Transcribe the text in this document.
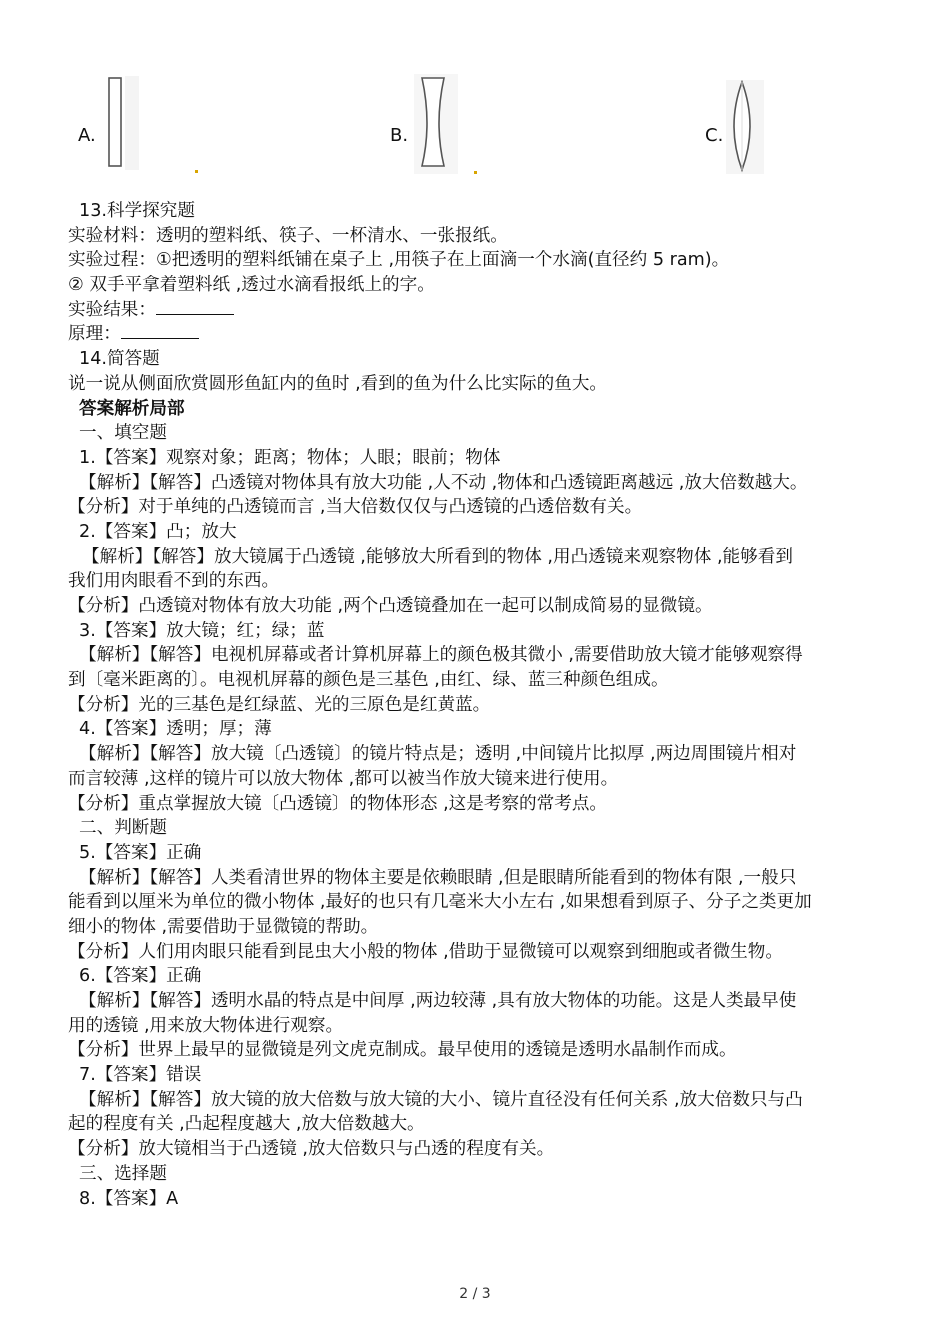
A.	B.	C.
13.科学探究题
实验材料：透明的塑料纸、筷子、一杯清水、一张报纸。
实验过程：①把透明的塑料纸铺在桌子上 ,用筷子在上面滴一个水滴(直径约 5 ram)。
② 双手平拿着塑料纸 ,透过水滴看报纸上的字。
实验结果：
原理：
14.简答题
说一说从侧面欣赏圆形鱼缸内的鱼时 ,看到的鱼为什么比实际的鱼大。
答案解析局部
一、填空题
1.【答案】观察对象；距离；物体；人眼；眼前；物体
【解析】【解答】凸透镜对物体具有放大功能 ,人不动 ,物体和凸透镜距离越远 ,放大倍数越大。
【分析】对于单纯的凸透镜而言 ,当大倍数仅仅与凸透镜的凸透倍数有关。
2.【答案】凸；放大
【解析】【解答】放大镜属于凸透镜 ,能够放大所看到的物体 ,用凸透镜来观察物体 ,能够看到
我们用肉眼看不到的东西。
【分析】凸透镜对物体有放大功能 ,两个凸透镜叠加在一起可以制成简易的显微镜。
3.【答案】放大镜；红；绿；蓝
【解析】【解答】电视机屏幕或者计算机屏幕上的颜色极其微小 ,需要借助放大镜才能够观察得
到〔毫米距离的〕。电视机屏幕的颜色是三基色 ,由红、绿、蓝三种颜色组成。
【分析】光的三基色是红绿蓝、光的三原色是红黄蓝。
4.【答案】透明；厚；薄
【解析】【解答】放大镜〔凸透镜〕的镜片特点是；透明 ,中间镜片比拟厚 ,两边周围镜片相对
而言较薄 ,这样的镜片可以放大物体 ,都可以被当作放大镜来进行使用。
【分析】重点掌握放大镜〔凸透镜〕的物体形态 ,这是考察的常考点。
二、判断题
5.【答案】正确
【解析】【解答】人类看清世界的物体主要是依赖眼睛 ,但是眼睛所能看到的物体有限 ,一般只
能看到以厘米为单位的微小物体 ,最好的也只有几毫米大小左右 ,如果想看到原子、分子之类更加
细小的物体 ,需要借助于显微镜的帮助。
【分析】人们用肉眼只能看到昆虫大小般的物体 ,借助于显微镜可以观察到细胞或者微生物。
6.【答案】正确
【解析】【解答】透明水晶的特点是中间厚 ,两边较薄 ,具有放大物体的功能。这是人类最早使
用的透镜 ,用来放大物体进行观察。
【分析】世界上最早的显微镜是列文虎克制成。最早使用的透镜是透明水晶制作而成。
7.【答案】错误
【解析】【解答】放大镜的放大倍数与放大镜的大小、镜片直径没有任何关系 ,放大倍数只与凸
起的程度有关 ,凸起程度越大 ,放大倍数越大。
【分析】放大镜相当于凸透镜 ,放大倍数只与凸透的程度有关。
三、选择题
8.【答案】A
2 / 3
